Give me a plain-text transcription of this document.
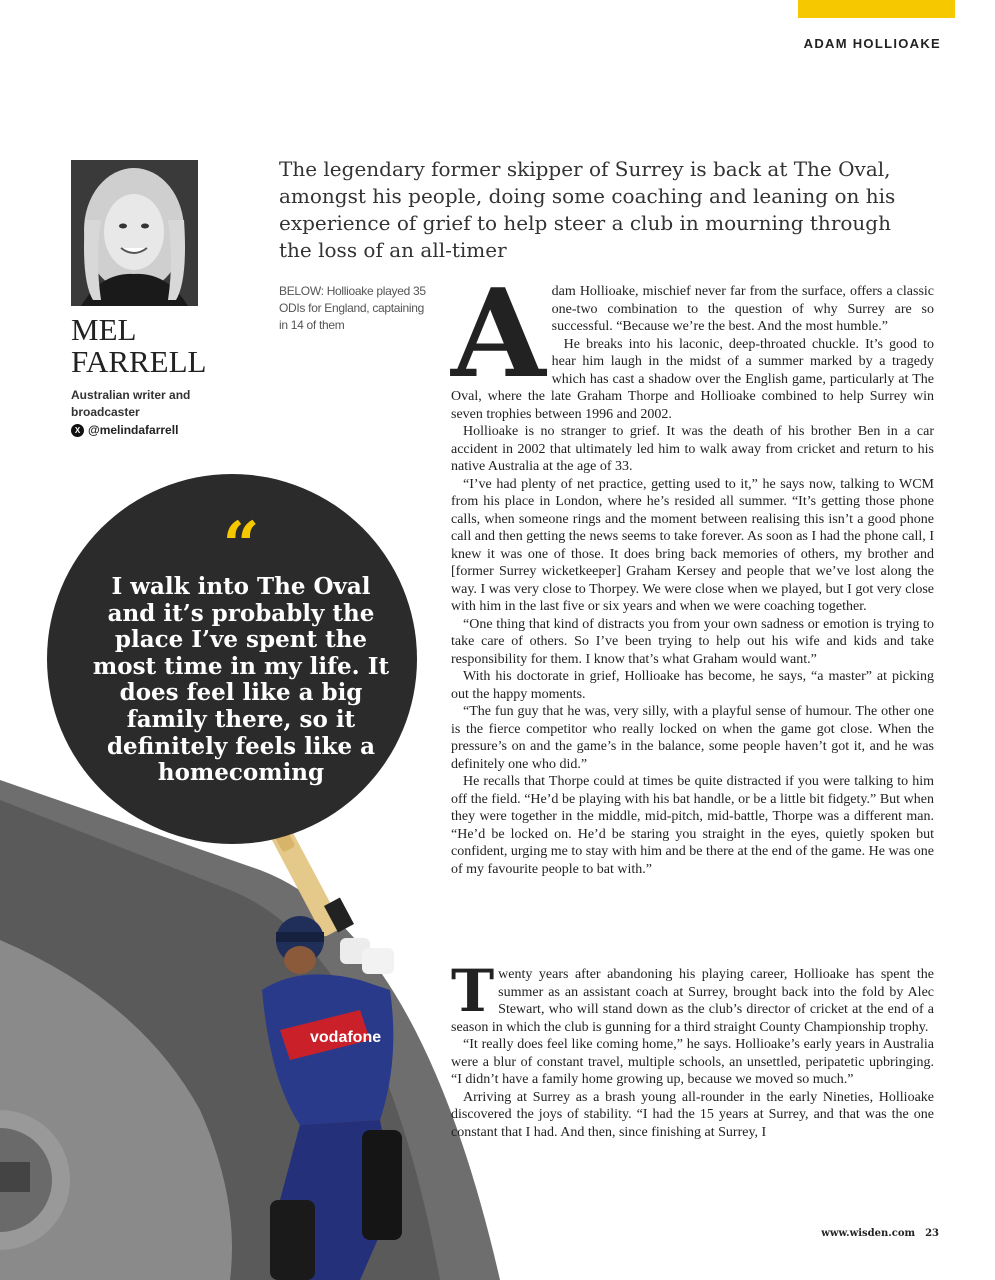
ADAM HOLLIOAKE
MEL
FARRELL
Australian writer and broadcaster
X @melindafarrell
The legendary former skipper of Surrey is back at The Oval, amongst his people, doing some coaching and leaning on his experience of grief to help steer a club in mourning through the loss of an all-timer
BELOW: Hollioake played 35 ODIs for England, captaining in 14 of them
vodafone
“
I walk into The Oval and it’s probably the place I’ve spent the most time in my life. It does feel like a big family there, so it definitely feels like a homecoming

Adam Hollioake, mischief never far from the surface, offers a classic one-two combination to the question of why Surrey are so successful. “Because we’re the best. And the most humble.”

He breaks into his laconic, deep-throated chuckle. It’s good to hear him laugh in the midst of a summer marked by a tragedy which has cast a shadow over the English game, particularly at The Oval, where the late Graham Thorpe and Hollioake combined to help Surrey win seven trophies between 1996 and 2002.

Hollioake is no stranger to grief. It was the death of his brother Ben in a car accident in 2002 that ultimately led him to walk away from cricket and return to his native Australia at the age of 33.

“I’ve had plenty of net practice, getting used to it,” he says now, talking to WCM from his place in London, where he’s resided all summer. “It’s getting those phone calls, when someone rings and the moment between realising this isn’t a good phone call and then getting the news seems to take forever. As soon as I had the phone call, I knew it was one of those. It does bring back memories of others, my brother and [former Surrey wicketkeeper] Graham Kersey and people that we’ve lost along the way. I was very close to Thorpey. We were close when we played, but I got very close with him in the last five or six years and when we were coaching together.

“One thing that kind of distracts you from your own sadness or emotion is trying to take care of others. So I’ve been trying to help out his wife and kids and take responsibility for them. I know that’s what Graham would want.”

With his doctorate in grief, Hollioake has become, he says, “a master” at picking out the happy moments.

“The fun guy that he was, very silly, with a playful sense of humour. The other one is the fierce competitor who really locked on when the game got close. When the pressure’s on and the game’s in the balance, some people haven’t got it, and he was definitely one who did.”

He recalls that Thorpe could at times be quite distracted if you were talking to him off the field. “He’d be playing with his bat handle, or be a little bit fidgety.” But when they were together in the middle, mid-pitch, mid-battle, Thorpe was a different man. “He’d be locked on. He’d be staring you straight in the eyes, quietly spoken but confident, urging me to stay with him and be there at the end of the game. He was one of my favourite people to bat with.”

Twenty years after abandoning his playing career, Hollioake has spent the summer as an assistant coach at Surrey, brought back into the fold by Alec Stewart, who will stand down as the club’s director of cricket at the end of a season in which the club is gunning for a third straight County Championship trophy.

“It really does feel like coming home,” he says. Hollioake’s early years in Australia were a blur of constant travel, multiple schools, an unsettled, peripatetic upbringing. “I didn’t have a family home growing up, because we moved so much.”

Arriving at Surrey as a brash young all-rounder in the early Nineties, Hollioake discovered the joys of stability. “I had the 15 years at Surrey, and that was the one constant that I had. And then, since finishing at Surrey, I

www.wisden.com 23
